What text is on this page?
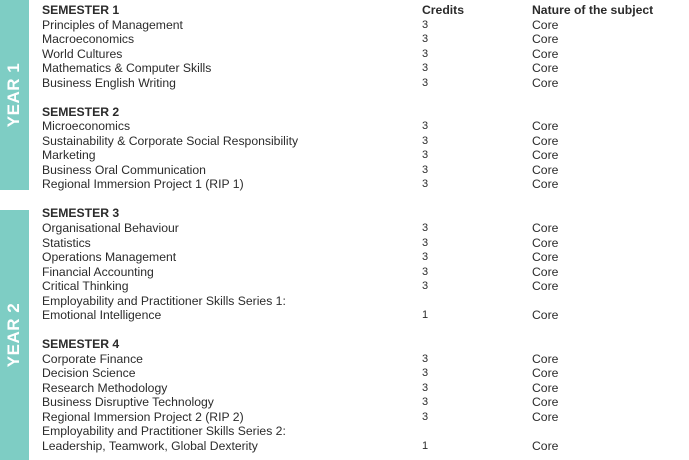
YEAR 1
YEAR 2
SEMESTER 1	Credits	Nature of the subject
Principles of Management	3	Core
Macroeconomics	3	Core
World Cultures	3	Core
Mathematics & Computer Skills	3	Core
Business English Writing	3	Core
SEMESTER 2
Microeconomics	3	Core
Sustainability & Corporate Social Responsibility	3	Core
Marketing	3	Core
Business Oral Communication	3	Core
Regional Immersion Project 1 (RIP 1)	3	Core
SEMESTER 3
Organisational Behaviour	3	Core
Statistics	3	Core
Operations Management	3	Core
Financial Accounting	3	Core
Critical Thinking	3	Core
Employability and Practitioner Skills Series 1:
Emotional Intelligence	1	Core
SEMESTER 4
Corporate Finance	3	Core
Decision Science	3	Core
Research Methodology	3	Core
Business Disruptive Technology	3	Core
Regional Immersion Project 2 (RIP 2)	3	Core
Employability and Practitioner Skills Series 2:
Leadership, Teamwork, Global Dexterity	1	Core
